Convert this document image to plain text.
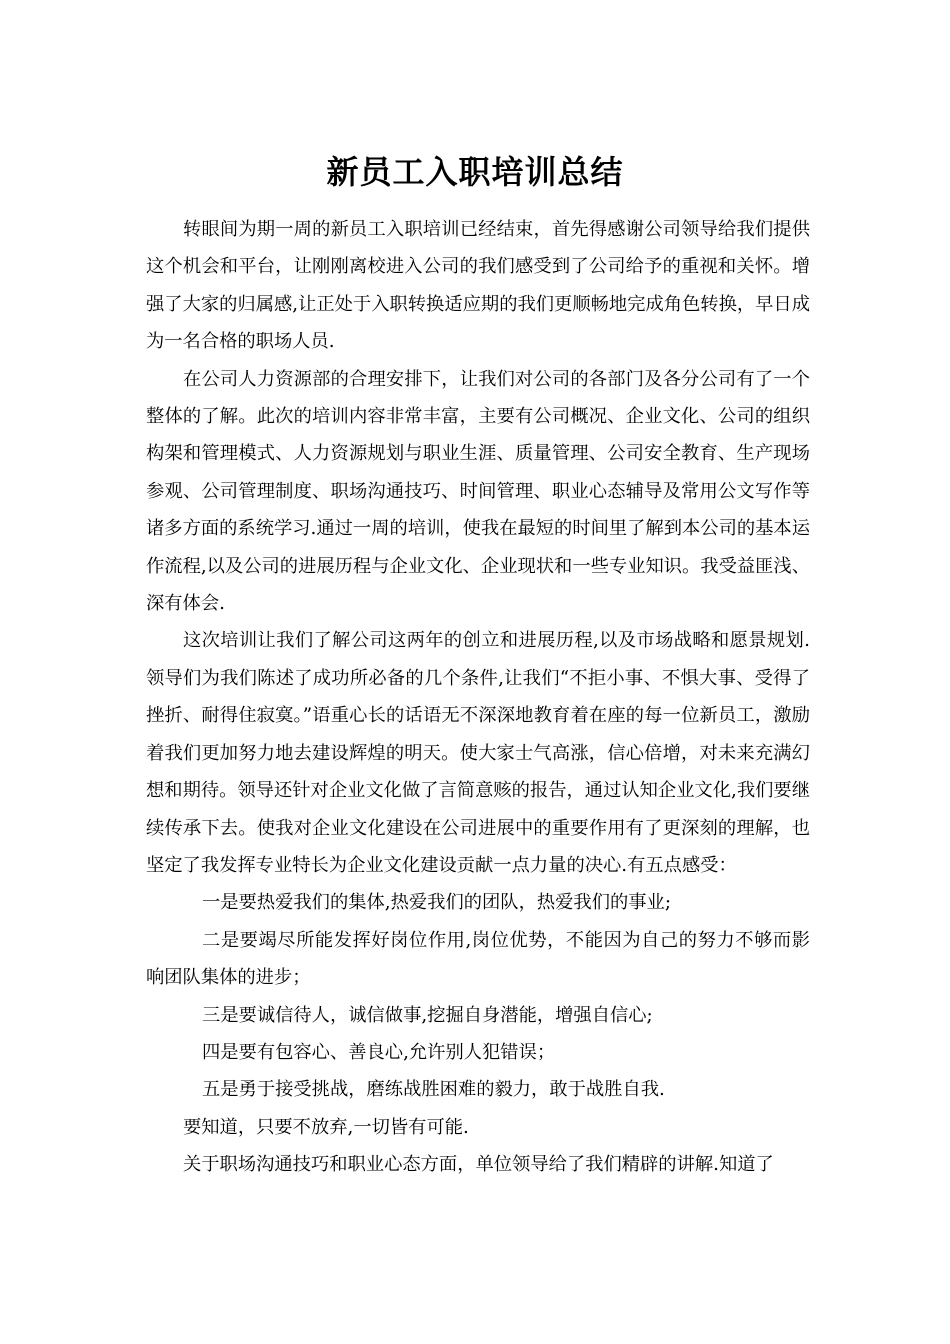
新员工入职培训总结

转眼间为期一周的新员工入职培训已经结束，首先得感谢公司领导给我们提供这个机会和平台，让刚刚离校进入公司的我们感受到了公司给予的重视和关怀。增强了大家的归属感,让正处于入职转换适应期的我们更顺畅地完成角色转换，早日成为一名合格的职场人员.

在公司人力资源部的合理安排下，让我们对公司的各部门及各分公司有了一个整体的了解。此次的培训内容非常丰富，主要有公司概况、企业文化、公司的组织构架和管理模式、人力资源规划与职业生涯、质量管理、公司安全教育、生产现场参观、公司管理制度、职场沟通技巧、时间管理、职业心态辅导及常用公文写作等诸多方面的系统学习.通过一周的培训，使我在最短的时间里了解到本公司的基本运作流程,以及公司的进展历程与企业文化、企业现状和一些专业知识。我受益匪浅、深有体会.

这次培训让我们了解公司这两年的创立和进展历程,以及市场战略和愿景规划.领导们为我们陈述了成功所必备的几个条件,让我们“不拒小事、不惧大事、受得了挫折、耐得住寂寞。”语重心长的话语无不深深地教育着在座的每一位新员工，激励着我们更加努力地去建设辉煌的明天。使大家士气高涨，信心倍增，对未来充满幻想和期待。领导还针对企业文化做了言简意赅的报告，通过认知企业文化,我们要继续传承下去。使我对企业文化建设在公司进展中的重要作用有了更深刻的理解，也坚定了我发挥专业特长为企业文化建设贡献一点力量的决心.有五点感受：

一是要热爱我们的集体,热爱我们的团队，热爱我们的事业;

二是要竭尽所能发挥好岗位作用,岗位优势，不能因为自己的努力不够而影响团队集体的进步；

三是要诚信待人，诚信做事,挖掘自身潜能，增强自信心;

四是要有包容心、善良心,允许别人犯错误；

五是勇于接受挑战，磨练战胜困难的毅力，敢于战胜自我.

要知道，只要不放弃,一切皆有可能.

关于职场沟通技巧和职业心态方面，单位领导给了我们精辟的讲解.知道了
